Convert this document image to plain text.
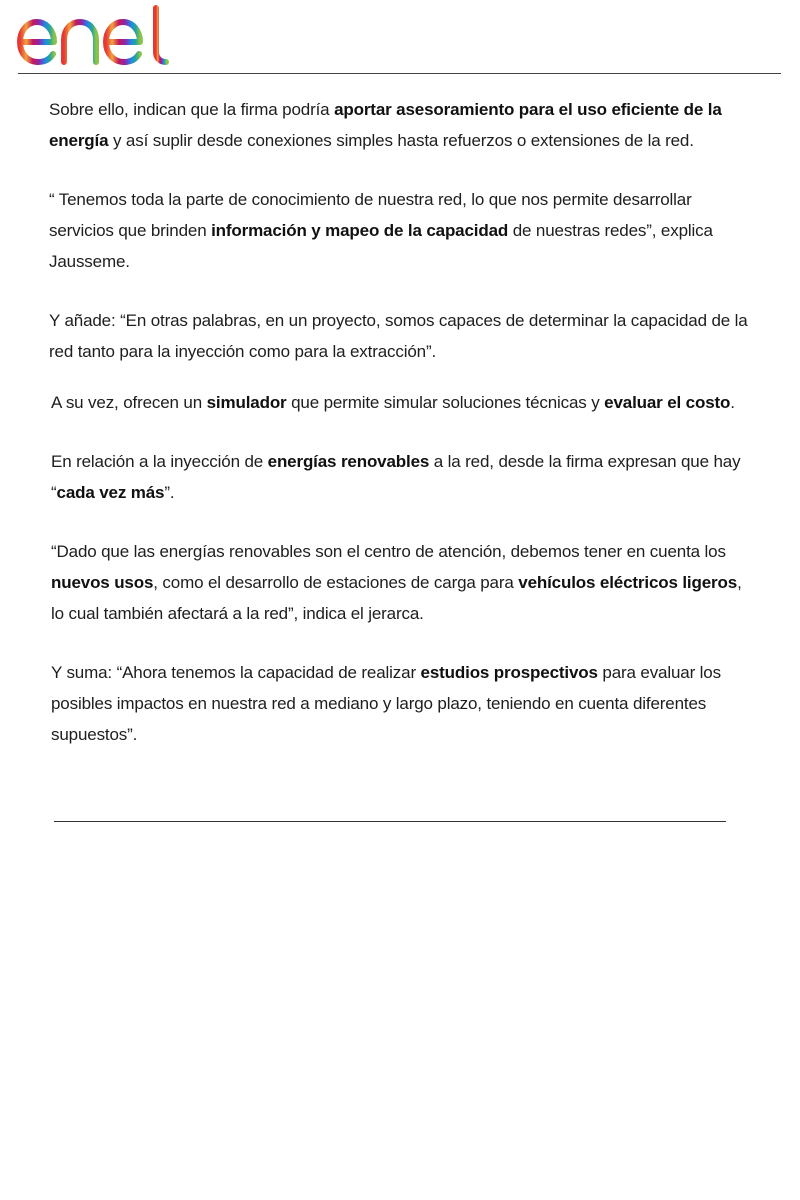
Sobre ello, indican que la firma podría aportar asesoramiento para el uso eficiente de la energía y así suplir desde conexiones simples hasta refuerzos o extensiones de la red.

“ Tenemos toda la parte de conocimiento de nuestra red, lo que nos permite desarrollar servicios que brinden información y mapeo de la capacidad de nuestras redes”, explica Jausseme.

Y añade: “En otras palabras, en un proyecto, somos capaces de determinar la capacidad de la red tanto para la inyección como para la extracción”.

A su vez, ofrecen un simulador que permite simular soluciones técnicas y evaluar el costo.

En relación a la inyección de energías renovables a la red, desde la firma expresan que hay “cada vez más”.

“Dado que las energías renovables son el centro de atención, debemos tener en cuenta los nuevos usos, como el desarrollo de estaciones de carga para vehículos eléctricos ligeros, lo cual también afectará a la red”, indica el jerarca.

Y suma: “Ahora tenemos la capacidad de realizar estudios prospectivos para evaluar los posibles impactos en nuestra red a mediano y largo plazo, teniendo en cuenta diferentes supuestos”.
